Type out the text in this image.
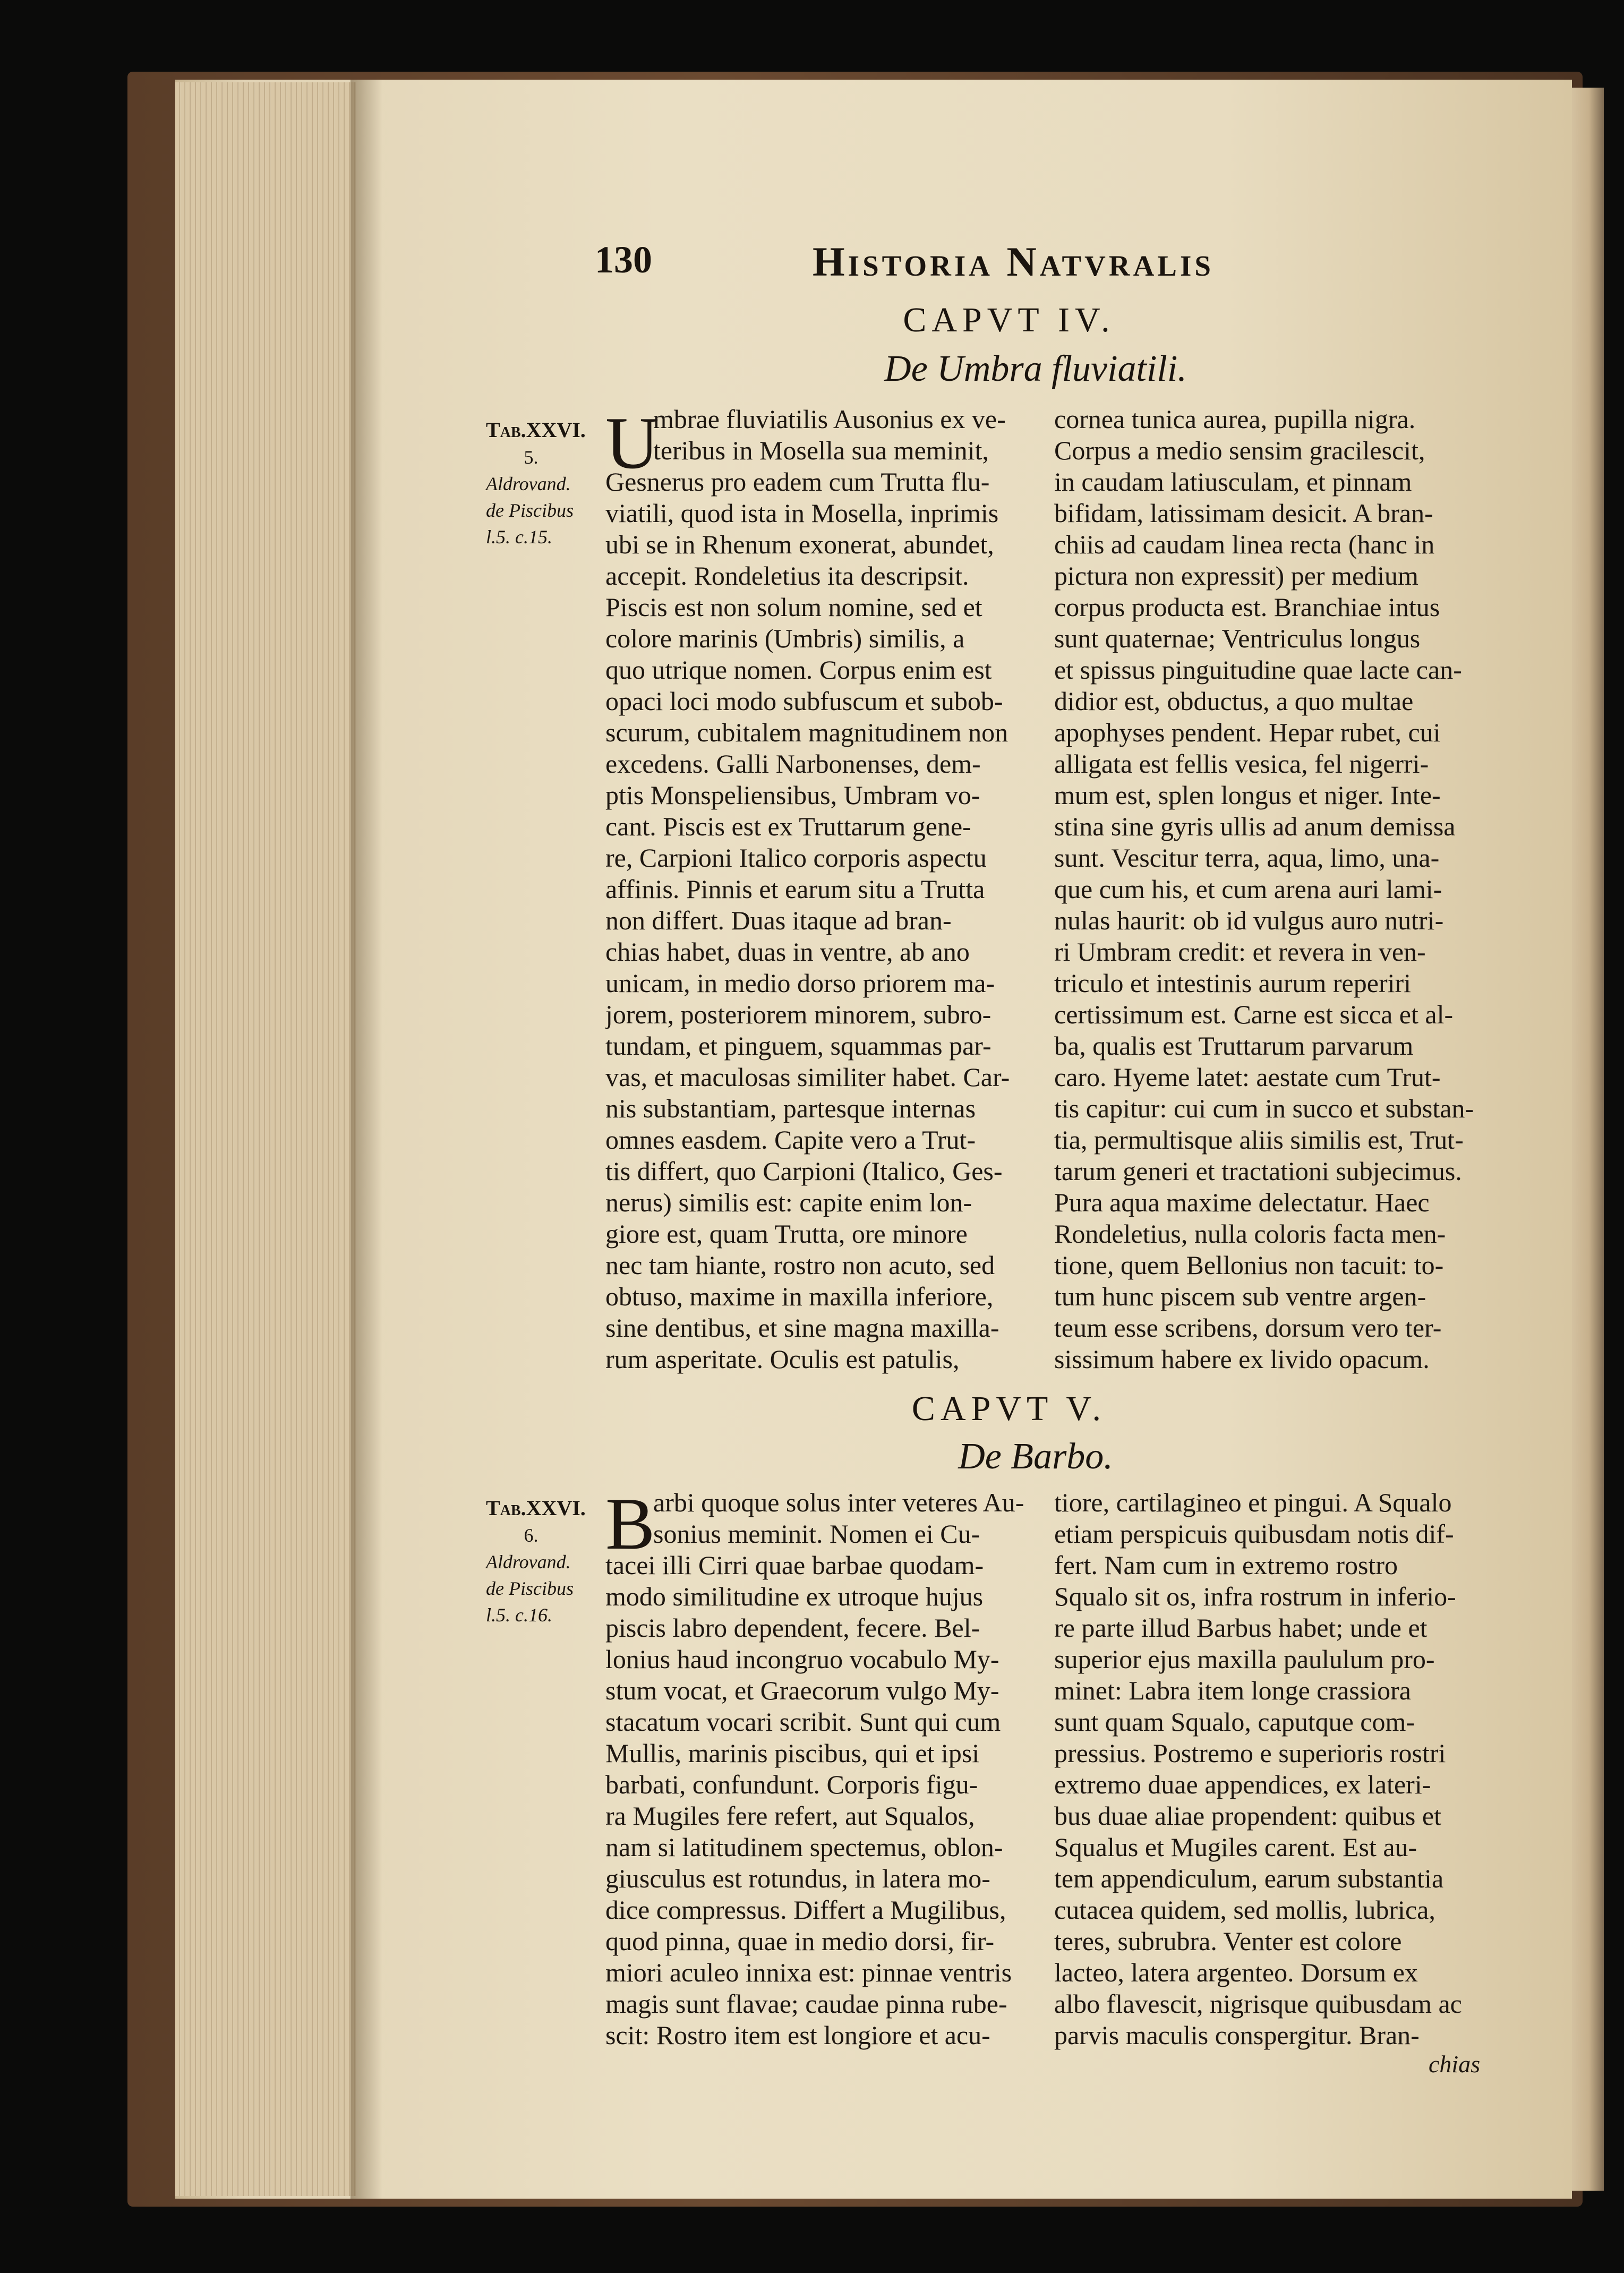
130	Historia Natvralis
CAPVT IV.
De Umbra fluviatili.
Tab.XXVI.
5.
Aldrovand.
de Piscibus
l.5. c.15.
U
mbrae fluviatilis Ausonius ex ve-
teribus in Mosella sua meminit,
Gesnerus pro eadem cum Trutta flu-
viatili, quod ista in Mosella, inprimis
ubi se in Rhenum exonerat, abundet,
accepit. Rondeletius ita descripsit.
Piscis est non solum nomine, sed et
colore marinis (Umbris) similis, a
quo utrique nomen. Corpus enim est
opaci loci modo subfuscum et subob-
scurum, cubitalem magnitudinem non
excedens. Galli Narbonenses, dem-
ptis Monspeliensibus, Umbram vo-
cant. Piscis est ex Truttarum gene-
re, Carpioni Italico corporis aspectu
affinis. Pinnis et earum situ a Trutta
non differt. Duas itaque ad bran-
chias habet, duas in ventre, ab ano
unicam, in medio dorso priorem ma-
jorem, posteriorem minorem, subro-
tundam, et pinguem, squammas par-
vas, et maculosas similiter habet. Car-
nis substantiam, partesque internas
omnes easdem. Capite vero a Trut-
tis differt, quo Carpioni (Italico, Ges-
nerus) similis est: capite enim lon-
giore est, quam Trutta, ore minore
nec tam hiante, rostro non acuto, sed
obtuso, maxime in maxilla inferiore,
sine dentibus, et sine magna maxilla-
rum asperitate. Oculis est patulis,
cornea tunica aurea, pupilla nigra.
Corpus a medio sensim gracilescit,
in caudam latiusculam, et pinnam
bifidam, latissimam desicit. A bran-
chiis ad caudam linea recta (hanc in
pictura non expressit) per medium
corpus producta est. Branchiae intus
sunt quaternae; Ventriculus longus
et spissus pinguitudine quae lacte can-
didior est, obductus, a quo multae
apophyses pendent. Hepar rubet, cui
alligata est fellis vesica, fel nigerri-
mum est, splen longus et niger. Inte-
stina sine gyris ullis ad anum demissa
sunt. Vescitur terra, aqua, limo, una-
que cum his, et cum arena auri lami-
nulas haurit: ob id vulgus auro nutri-
ri Umbram credit: et revera in ven-
triculo et intestinis aurum reperiri
certissimum est. Carne est sicca et al-
ba, qualis est Truttarum parvarum
caro. Hyeme latet: aestate cum Trut-
tis capitur: cui cum in succo et substan-
tia, permultisque aliis similis est, Trut-
tarum generi et tractationi subjecimus.
Pura aqua maxime delectatur. Haec
Rondeletius, nulla coloris facta men-
tione, quem Bellonius non tacuit: to-
tum hunc piscem sub ventre argen-
teum esse scribens, dorsum vero ter-
sissimum habere ex livido opacum.
CAPVT V.
De Barbo.
Tab.XXVI.
6.
Aldrovand.
de Piscibus
l.5. c.16.
B
arbi quoque solus inter veteres Au-
sonius meminit. Nomen ei Cu-
tacei illi Cirri quae barbae quodam-
modo similitudine ex utroque hujus
piscis labro dependent, fecere. Bel-
lonius haud incongruo vocabulo My-
stum vocat, et Graecorum vulgo My-
stacatum vocari scribit. Sunt qui cum
Mullis, marinis piscibus, qui et ipsi
barbati, confundunt. Corporis figu-
ra Mugiles fere refert, aut Squalos,
nam si latitudinem spectemus, oblon-
giusculus est rotundus, in latera mo-
dice compressus. Differt a Mugilibus,
quod pinna, quae in medio dorsi, fir-
miori aculeo innixa est: pinnae ventris
magis sunt flavae; caudae pinna rube-
scit: Rostro item est longiore et acu-
tiore, cartilagineo et pingui. A Squalo
etiam perspicuis quibusdam notis dif-
fert. Nam cum in extremo rostro
Squalo sit os, infra rostrum in inferio-
re parte illud Barbus habet; unde et
superior ejus maxilla paululum pro-
minet: Labra item longe crassiora
sunt quam Squalo, caputque com-
pressius. Postremo e superioris rostri
extremo duae appendices, ex lateri-
bus duae aliae propendent: quibus et
Squalus et Mugiles carent. Est au-
tem appendiculum, earum substantia
cutacea quidem, sed mollis, lubrica,
teres, subrubra. Venter est colore
lacteo, latera argenteo. Dorsum ex
albo flavescit, nigrisque quibusdam ac
parvis maculis conspergitur. Bran-
chias
